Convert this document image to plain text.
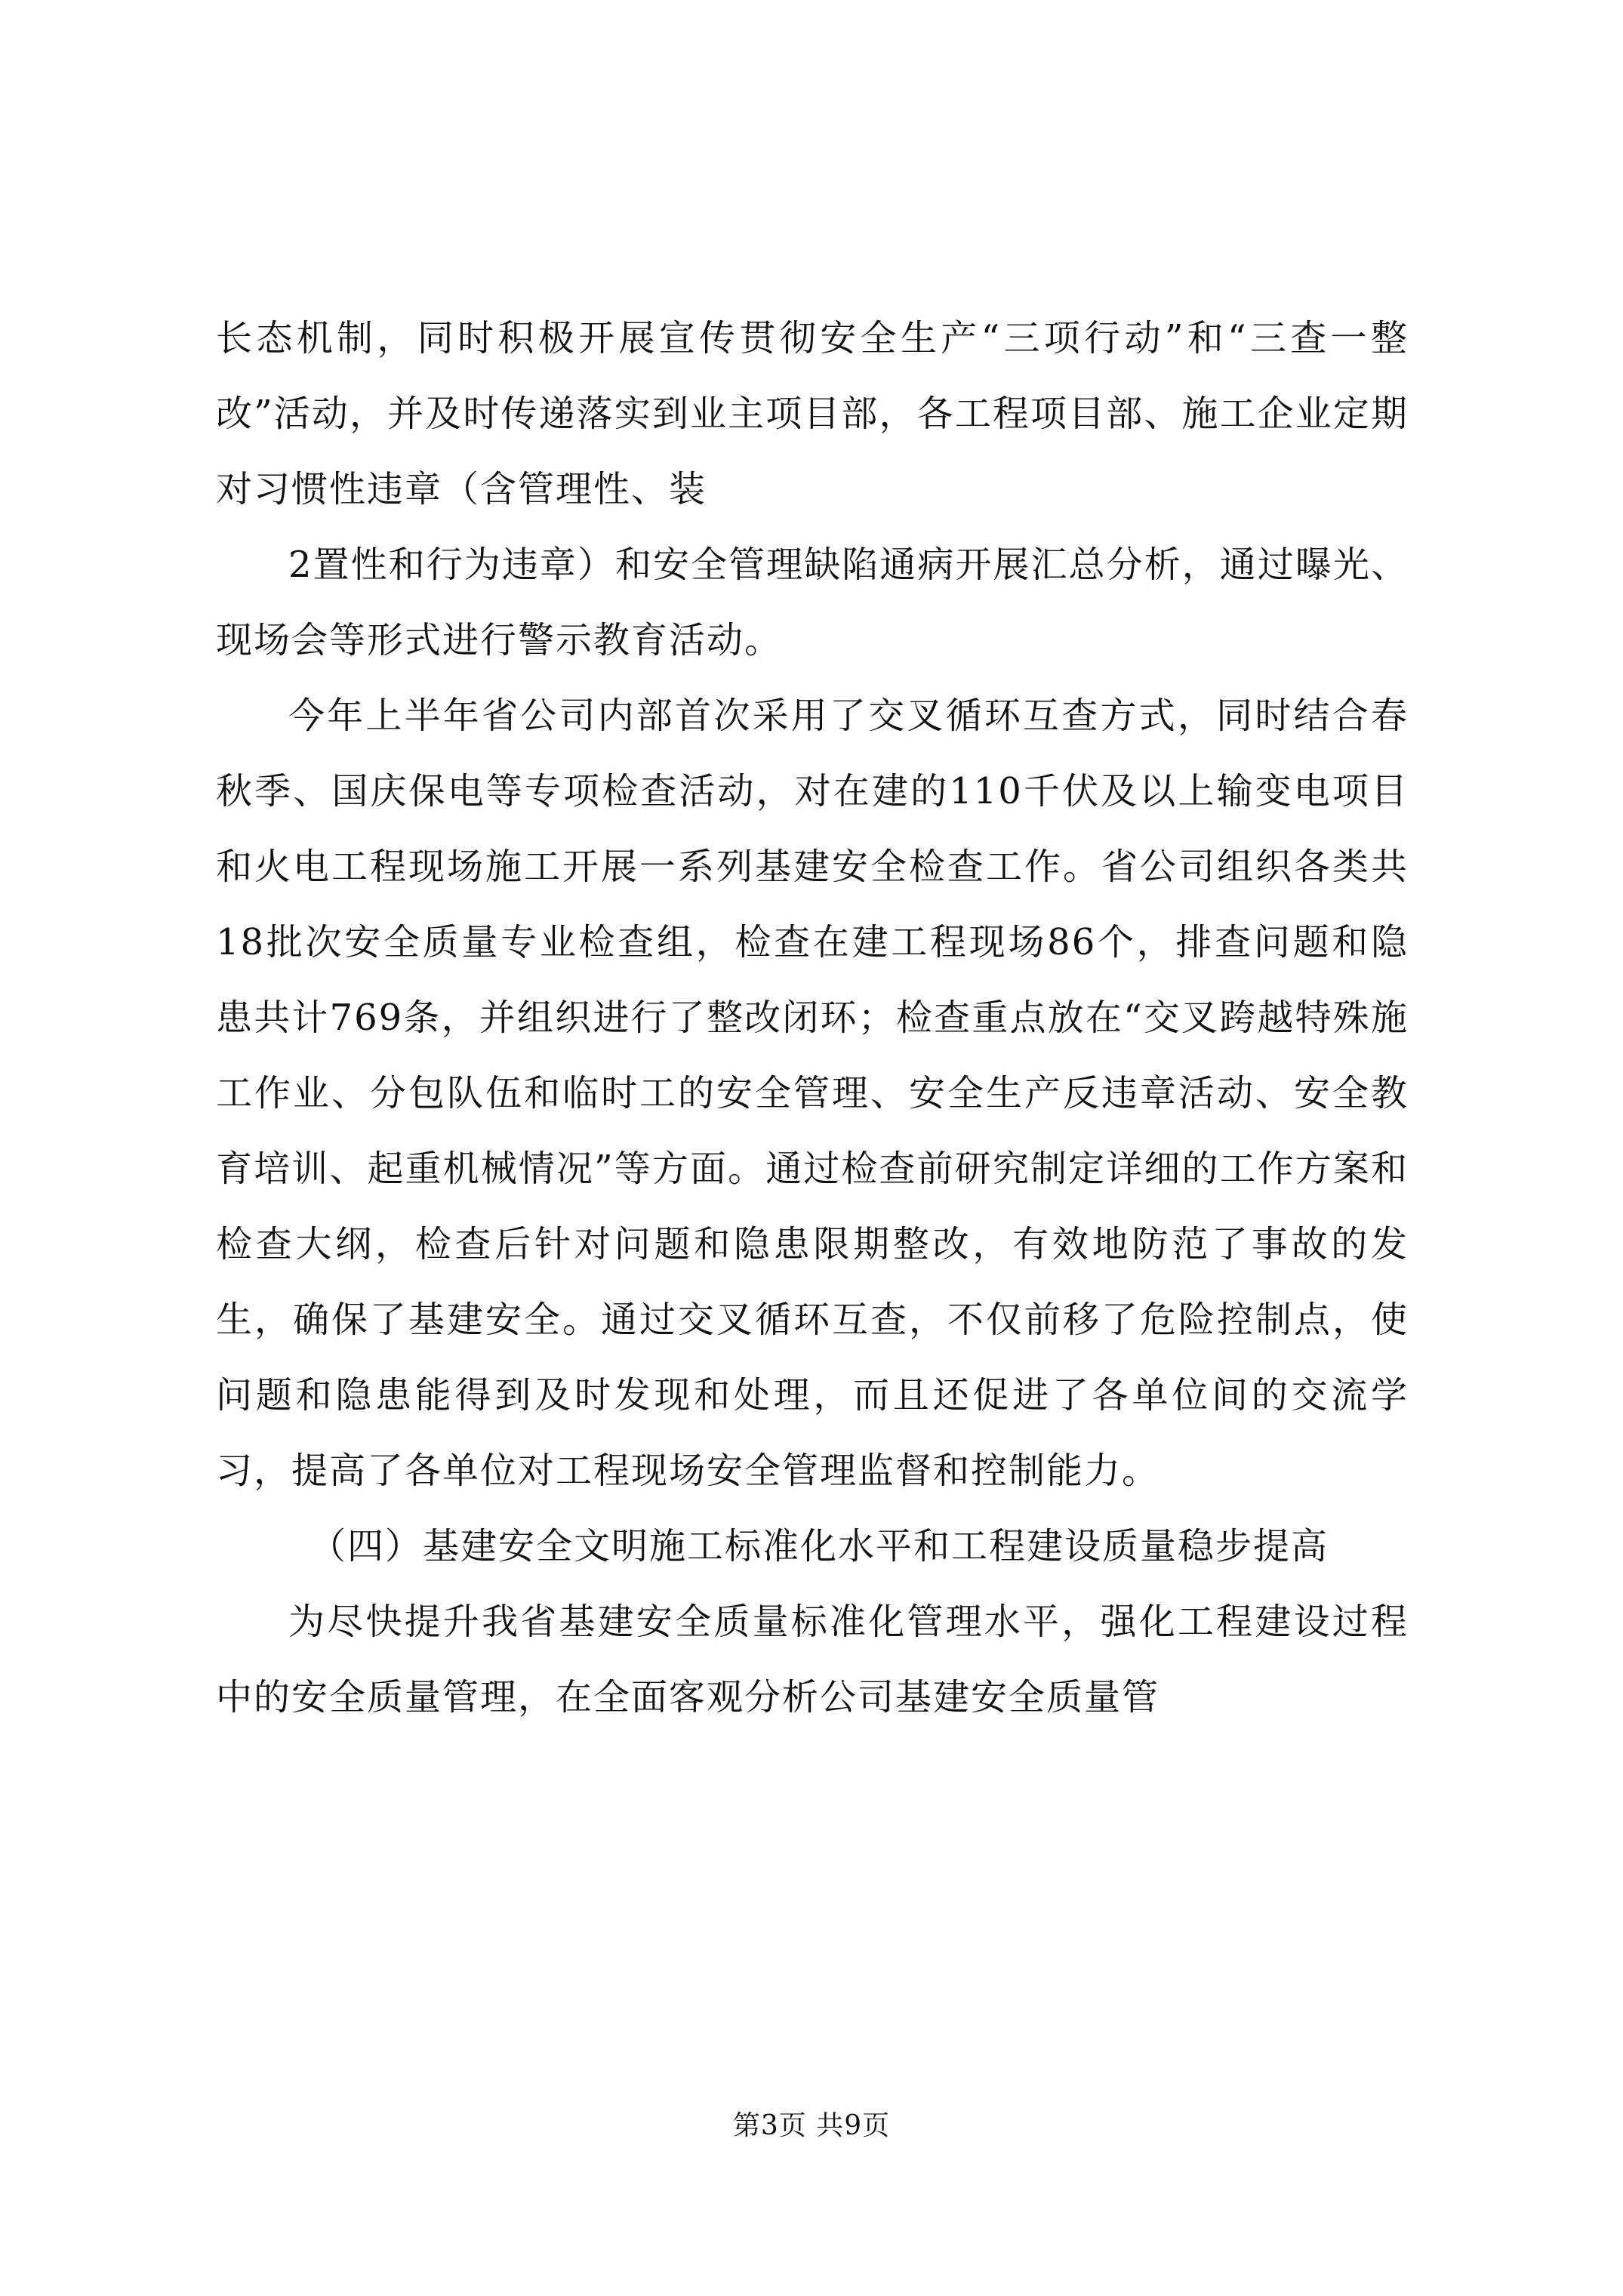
长态机制，同时积极开展宣传贯彻安全生产“三项行动”和“三查一整改”活动，并及时传递落实到业主项目部，各工程项目部、施工企业定期对习惯性违章（含管理性、装

2置性和行为违章）和安全管理缺陷通病开展汇总分析，通过曝光、现场会等形式进行警示教育活动。

今年上半年省公司内部首次采用了交叉循环互查方式，同时结合春秋季、国庆保电等专项检查活动，对在建的110千伏及以上输变电项目和火电工程现场施工开展一系列基建安全检查工作。省公司组织各类共18批次安全质量专业检查组，检查在建工程现场86个，排查问题和隐患共计769条，并组织进行了整改闭环；检查重点放在“交叉跨越特殊施工作业、分包队伍和临时工的安全管理、安全生产反违章活动、安全教育培训、起重机械情况”等方面。通过检查前研究制定详细的工作方案和检查大纲，检查后针对问题和隐患限期整改，有效地防范了事故的发生，确保了基建安全。通过交叉循环互查，不仅前移了危险控制点，使问题和隐患能得到及时发现和处理，而且还促进了各单位间的交流学习，提高了各单位对工程现场安全管理监督和控制能力。

（四）基建安全文明施工标准化水平和工程建设质量稳步提高

为尽快提升我省基建安全质量标准化管理水平，强化工程建设过程中的安全质量管理，在全面客观分析公司基建安全质量管

第3页 共9页
